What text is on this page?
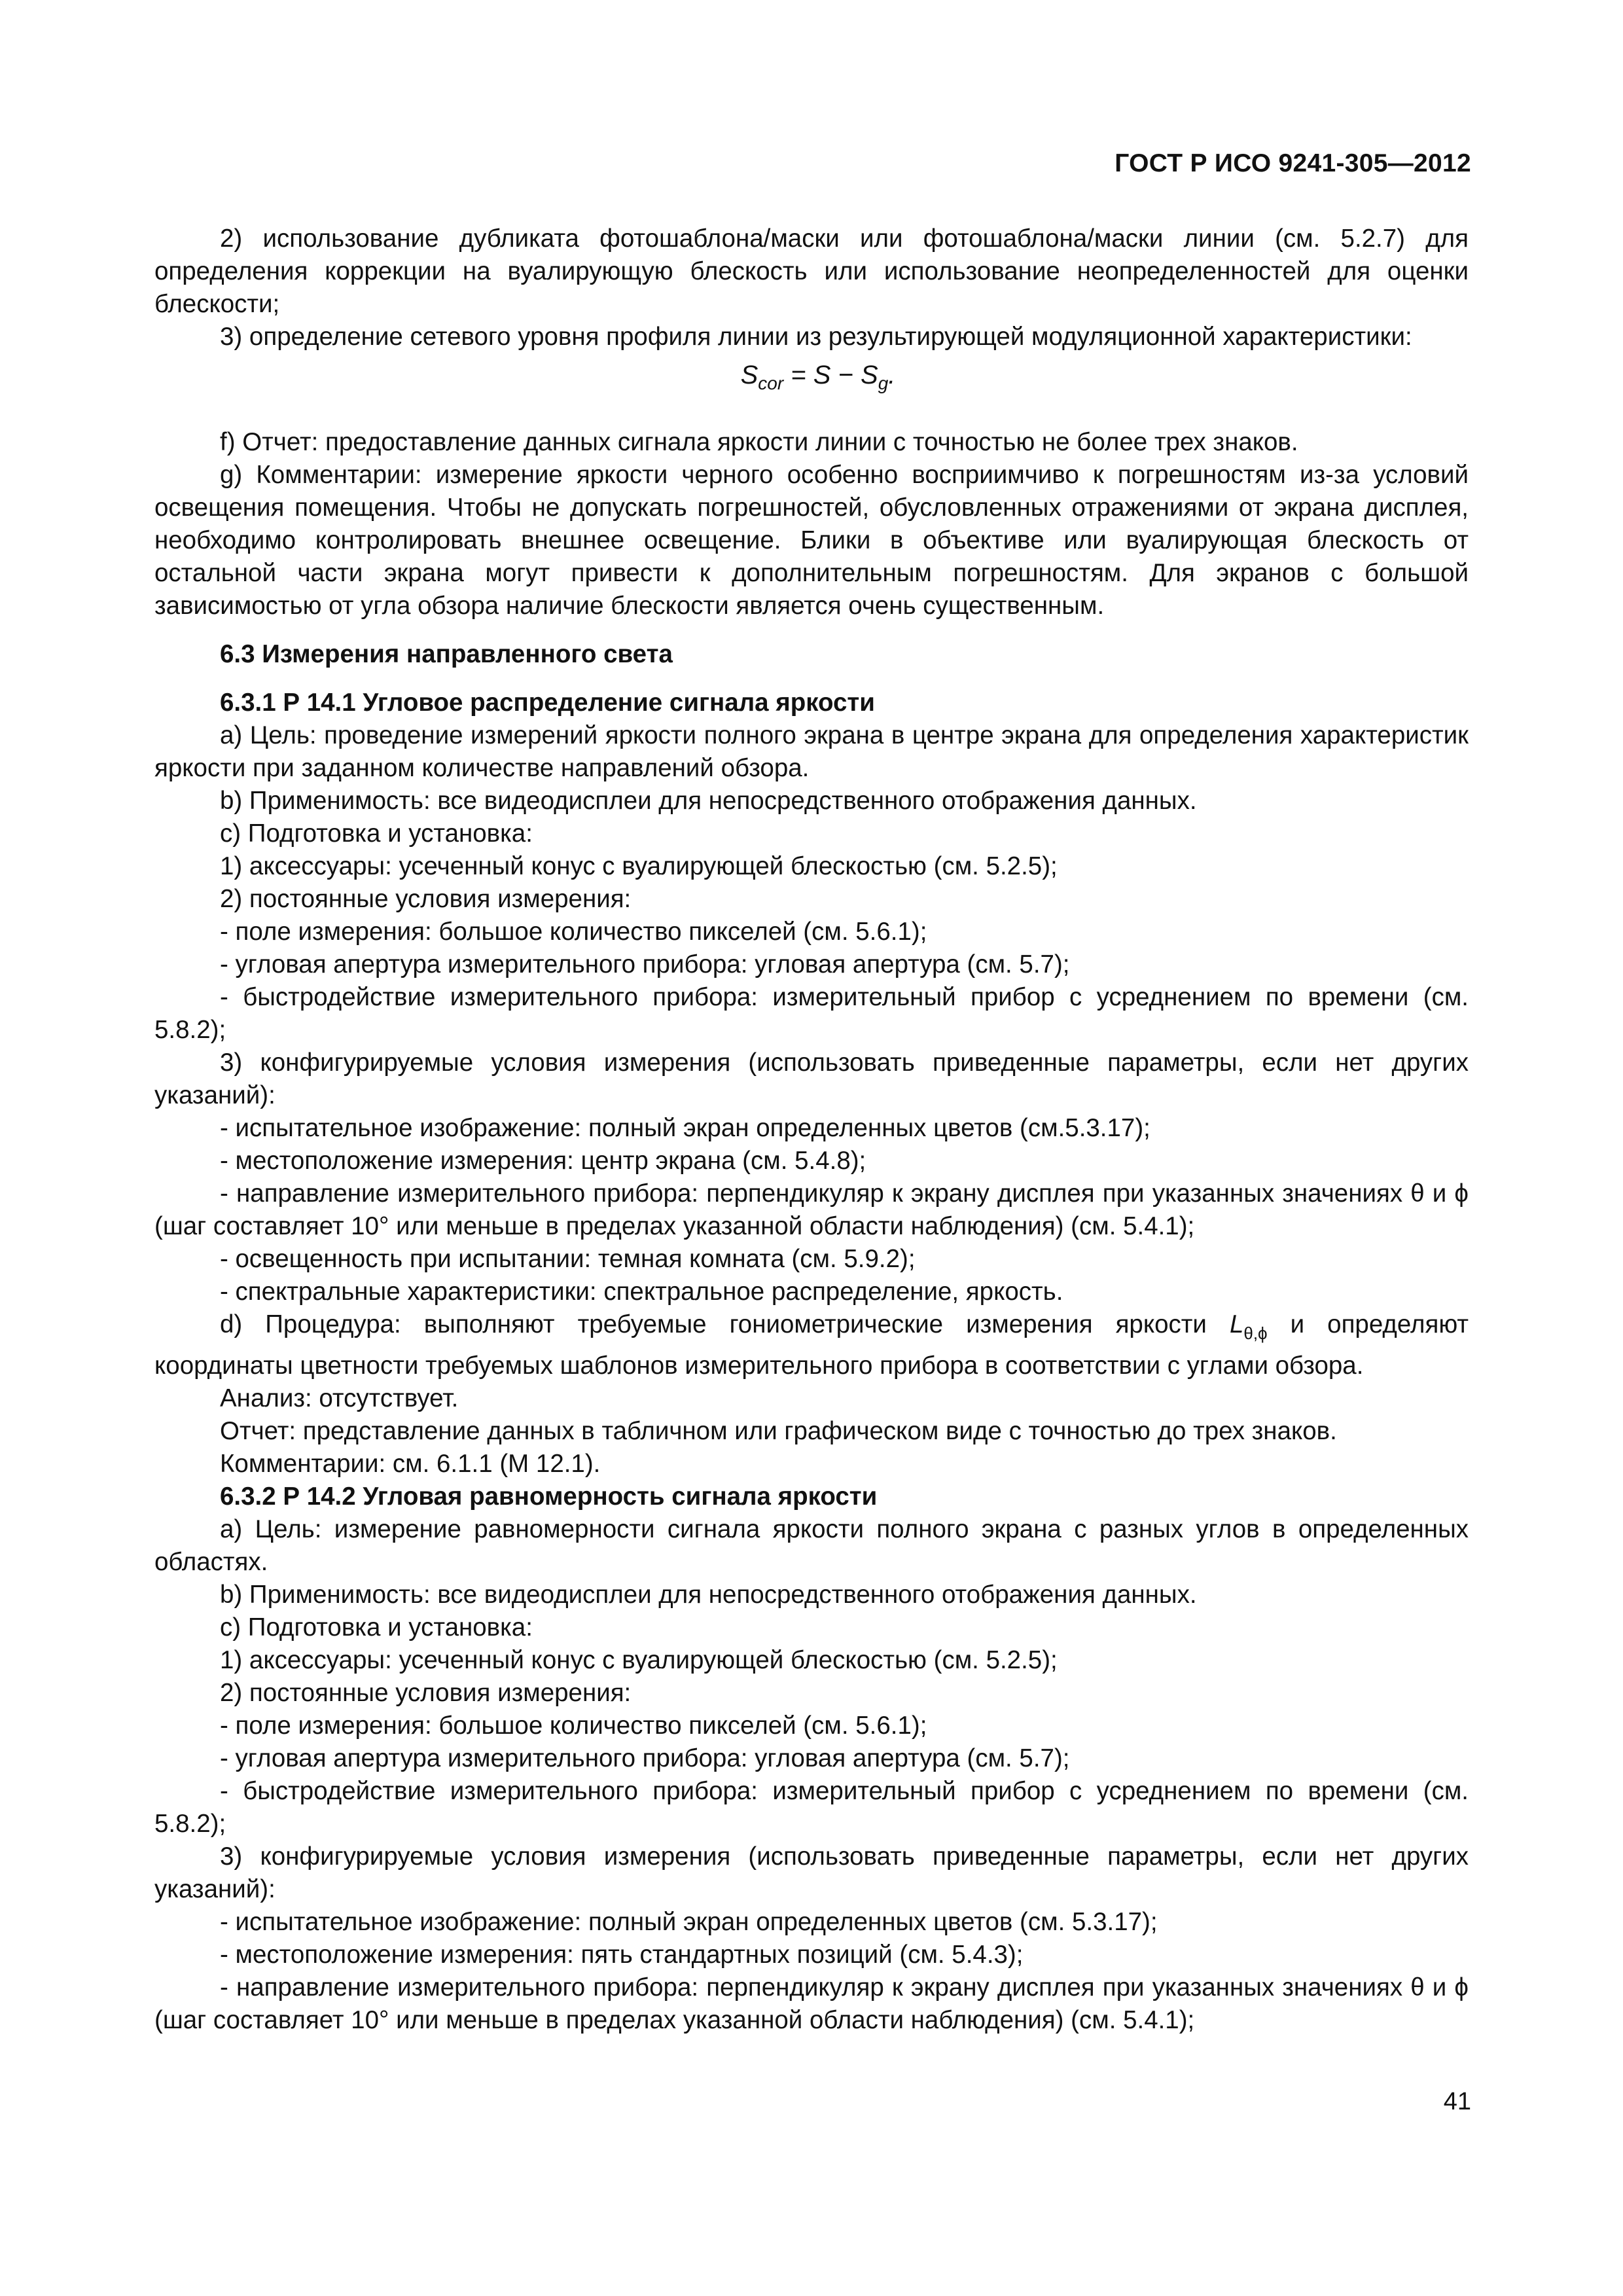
ГОСТ Р ИСО 9241-305—2012

2) использование дубликата фотошаблона/маски или фотошаблона/маски линии (см. 5.2.7) для определения коррекции на вуалирующую блескость или использование неопределенностей для оценки блескости;

3) определение сетевого уровня профиля линии из результирующей модуляционной характеристики:

$S_{cor} = S - S_g$.

f) Отчет: предоставление данных сигнала яркости линии с точностью не более трех знаков.

g) Комментарии: измерение яркости черного особенно восприимчиво к погрешностям из-за условий освещения помещения. Чтобы не допускать погрешностей, обусловленных отражениями от экрана дисплея, необходимо контролировать внешнее освещение. Блики в объективе или вуалирующая блескость от остальной части экрана могут привести к дополнительным погрешностям. Для экранов с большой зависимостью от угла обзора наличие блескости является очень существенным.

6.3 Измерения направленного света

6.3.1 Р 14.1 Угловое распределение сигнала яркости

а) Цель: проведение измерений яркости полного экрана в центре экрана для определения характеристик яркости при заданном количестве направлений обзора.

b) Применимость: все видеодисплеи для непосредственного отображения данных.

с) Подготовка и установка:

1) аксессуары: усеченный конус с вуалирующей блескостью (см. 5.2.5);

2) постоянные условия измерения:

- поле измерения: большое количество пикселей (см. 5.6.1);

- угловая апертура измерительного прибора: угловая апертура (см. 5.7);

- быстродействие измерительного прибора: измерительный прибор с усреднением по времени (см. 5.8.2);

3) конфигурируемые условия измерения (использовать приведенные параметры, если нет других указаний):

- испытательное изображение: полный экран определенных цветов (см.5.3.17);

- местоположение измерения: центр экрана (см. 5.4.8);

- направление измерительного прибора: перпендикуляр к экрану дисплея при указанных значениях θ и ϕ (шаг составляет 10° или меньше в пределах указанной области наблюдения) (см. 5.4.1);

- освещенность при испытании: темная комната (см. 5.9.2);

- спектральные характеристики: спектральное распределение, яркость.

d) Процедура: выполняют требуемые гониометрические измерения яркости $L_{\theta,\phi}$ и определяют координаты цветности требуемых шаблонов измерительного прибора в соответствии с углами обзора.

Анализ: отсутствует.

Отчет: представление данных в табличном или графическом виде с точностью до трех знаков.

Комментарии: см. 6.1.1 (М 12.1).

6.3.2 Р 14.2 Угловая равномерность сигнала яркости

а) Цель: измерение равномерности сигнала яркости полного экрана с разных углов в определенных областях.

b) Применимость: все видеодисплеи для непосредственного отображения данных.

с) Подготовка и установка:

1) аксессуары: усеченный конус с вуалирующей блескостью (см. 5.2.5);

2) постоянные условия измерения:

- поле измерения: большое количество пикселей (см. 5.6.1);

- угловая апертура измерительного прибора: угловая апертура (см. 5.7);

- быстродействие измерительного прибора: измерительный прибор с усреднением по времени (см. 5.8.2);

3) конфигурируемые условия измерения (использовать приведенные параметры, если нет других указаний):

- испытательное изображение: полный экран определенных цветов (см. 5.3.17);

- местоположение измерения: пять стандартных позиций (см. 5.4.3);

- направление измерительного прибора: перпендикуляр к экрану дисплея при указанных значениях θ и ϕ (шаг составляет 10° или меньше в пределах указанной области наблюдения) (см. 5.4.1);

41
